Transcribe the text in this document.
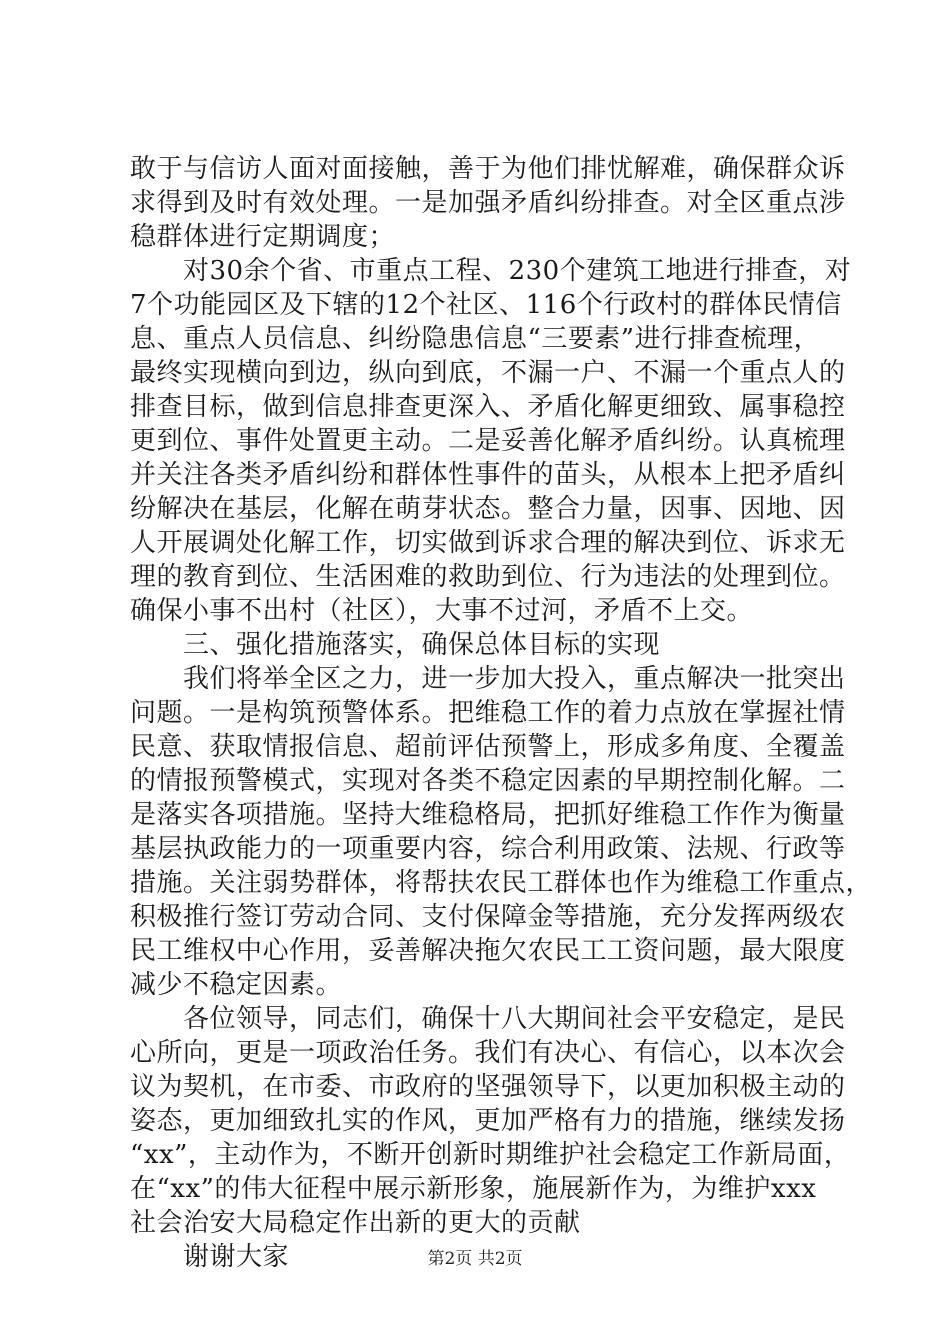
敢于与信访人面对面接触，善于为他们排忧解难，确保群众诉
求得到及时有效处理。一是加强矛盾纠纷排查。对全区重点涉
稳群体进行定期调度；
　　对30余个省、市重点工程、230个建筑工地进行排查，对
7个功能园区及下辖的12个社区、116个行政村的群体民情信
息、重点人员信息、纠纷隐患信息“三要素”进行排查梳理，
最终实现横向到边，纵向到底，不漏一户、不漏一个重点人的
排查目标，做到信息排查更深入、矛盾化解更细致、属事稳控
更到位、事件处置更主动。二是妥善化解矛盾纠纷。认真梳理
并关注各类矛盾纠纷和群体性事件的苗头，从根本上把矛盾纠
纷解决在基层，化解在萌芽状态。整合力量，因事、因地、因
人开展调处化解工作，切实做到诉求合理的解决到位、诉求无
理的教育到位、生活困难的救助到位、行为违法的处理到位。
确保小事不出村（社区），大事不过河，矛盾不上交。
　　三、强化措施落实，确保总体目标的实现
　　我们将举全区之力，进一步加大投入，重点解决一批突出
问题。一是构筑预警体系。把维稳工作的着力点放在掌握社情
民意、获取情报信息、超前评估预警上，形成多角度、全覆盖
的情报预警模式，实现对各类不稳定因素的早期控制化解。二
是落实各项措施。坚持大维稳格局，把抓好维稳工作作为衡量
基层执政能力的一项重要内容，综合利用政策、法规、行政等
措施。关注弱势群体，将帮扶农民工群体也作为维稳工作重点，
积极推行签订劳动合同、支付保障金等措施，充分发挥两级农
民工维权中心作用，妥善解决拖欠农民工工资问题，最大限度
减少不稳定因素。
　　各位领导，同志们，确保十八大期间社会平安稳定，是民
心所向，更是一项政治任务。我们有决心、有信心，以本次会
议为契机，在市委、市政府的坚强领导下，以更加积极主动的
姿态，更加细致扎实的作风，更加严格有力的措施，继续发扬
“xx”，主动作为，不断开创新时期维护社会稳定工作新局面，
在“xx”的伟大征程中展示新形象，施展新作为，为维护xxx
社会治安大局稳定作出新的更大的贡献
　　谢谢大家	第2页 共2页
